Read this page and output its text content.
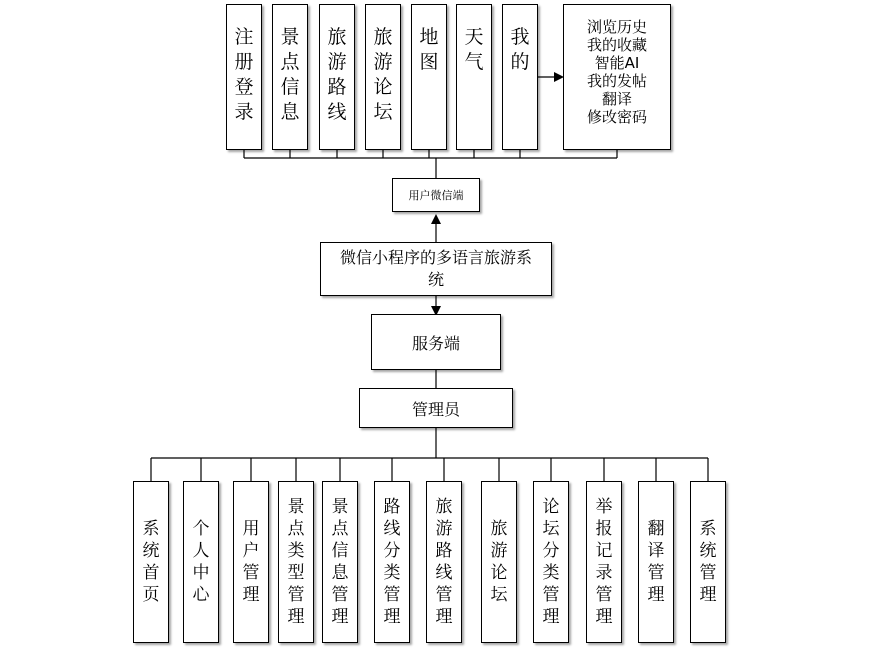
注
册
登
录
景
点
信
息
旅
游
路
线
旅
游
论
坛
地
图
天
气
我
的
浏览历史
我的收藏
智能AI
我的发帖
翻译
修改密码
用户微信端
微信小程序的多语言旅游系
统
服务端
管理员
系
统
首
页
个
人
中
心
用
户
管
理
景
点
类
型
管
理
景
点
信
息
管
理
路
线
分
类
管
理
旅
游
路
线
管
理
旅
游
论
坛
论
坛
分
类
管
理
举
报
记
录
管
理
翻
译
管
理
系
统
管
理
